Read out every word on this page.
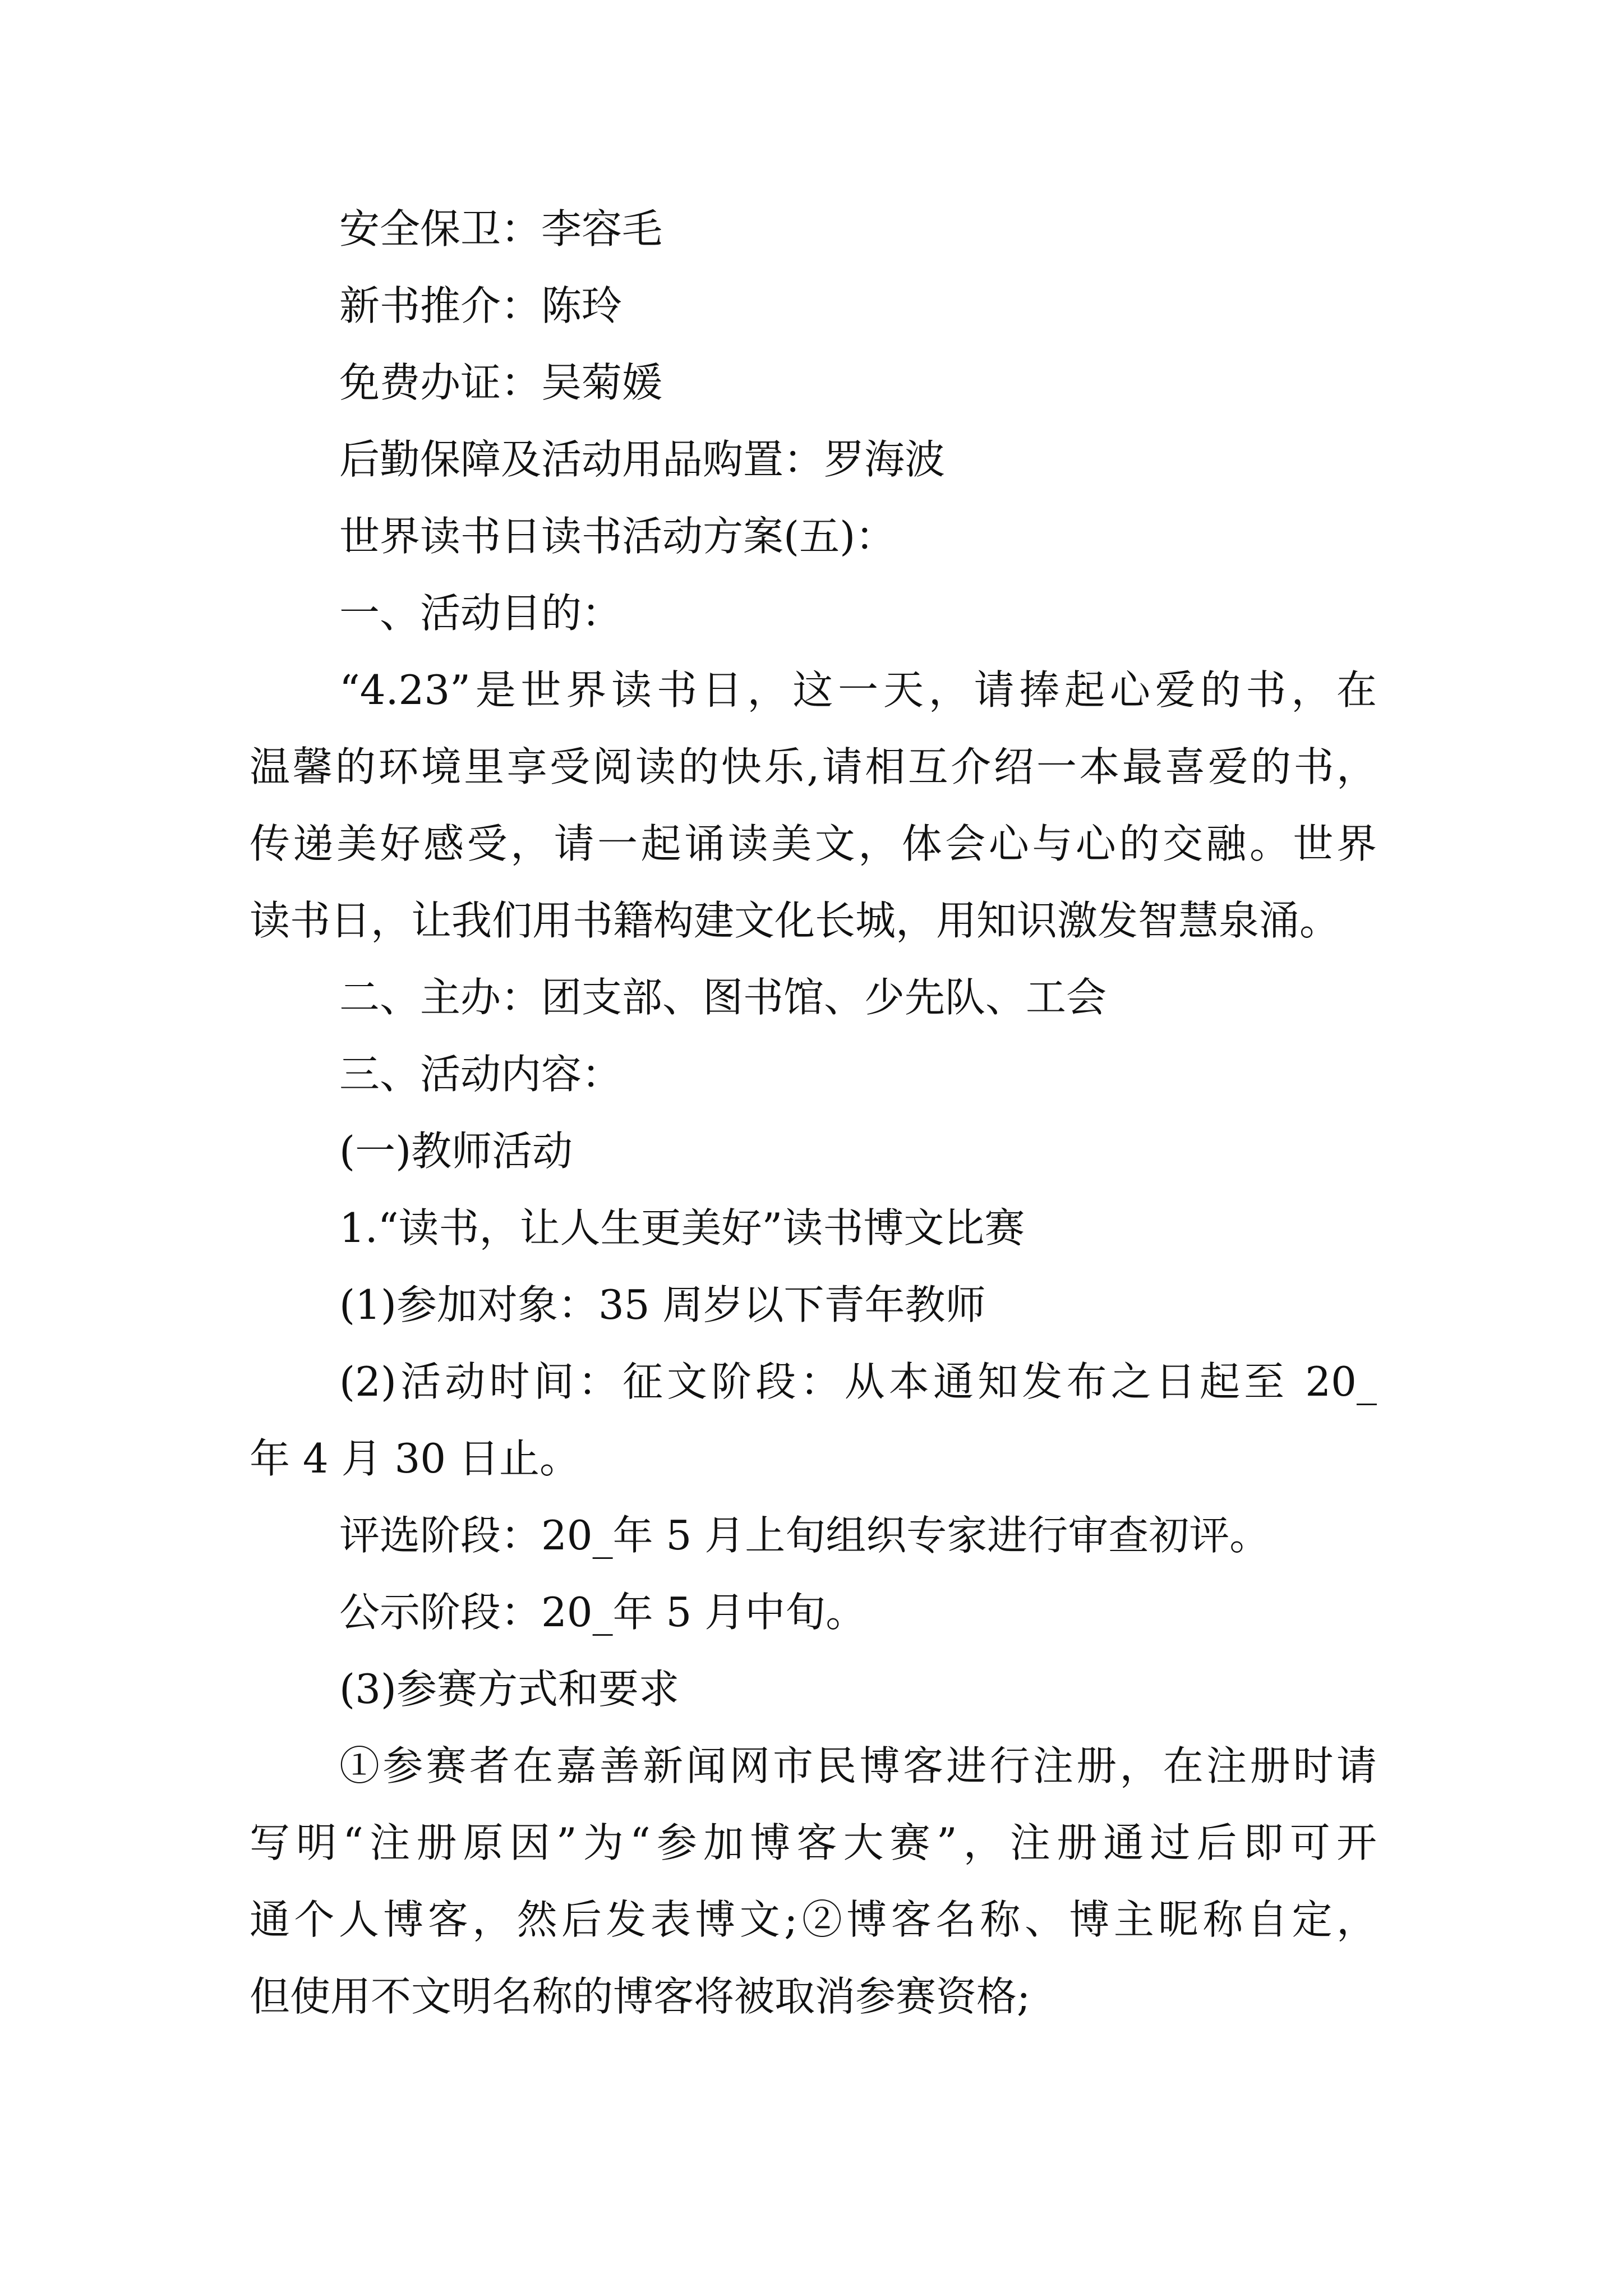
安全保卫：李容毛

新书推介：陈玲

免费办证：吴菊媛

后勤保障及活动用品购置：罗海波

世界读书日读书活动方案(五)：

一、活动目的：

“4.23”是世界读书日，这一天，请捧起心爱的书，在

温馨的环境里享受阅读的快乐,请相互介绍一本最喜爱的书，

传递美好感受，请一起诵读美文，体会心与心的交融。世界

读书日，让我们用书籍构建文化长城，用知识激发智慧泉涌。

二、主办：团支部、图书馆、少先队、工会

三、活动内容：

(一)教师活动

1.“读书，让人生更美好”读书博文比赛

(1)参加对象：35 周岁以下青年教师

(2)活动时间：征文阶段：从本通知发布之日起至 20_

年 4 月 30 日止。

评选阶段：20_年 5 月上旬组织专家进行审查初评。

公示阶段：20_年 5 月中旬。

(3)参赛方式和要求

①参赛者在嘉善新闻网市民博客进行注册，在注册时请

写明“注册原因”为“参加博客大赛”，注册通过后即可开

通个人博客，然后发表博文;②博客名称、博主昵称自定，

但使用不文明名称的博客将被取消参赛资格;
